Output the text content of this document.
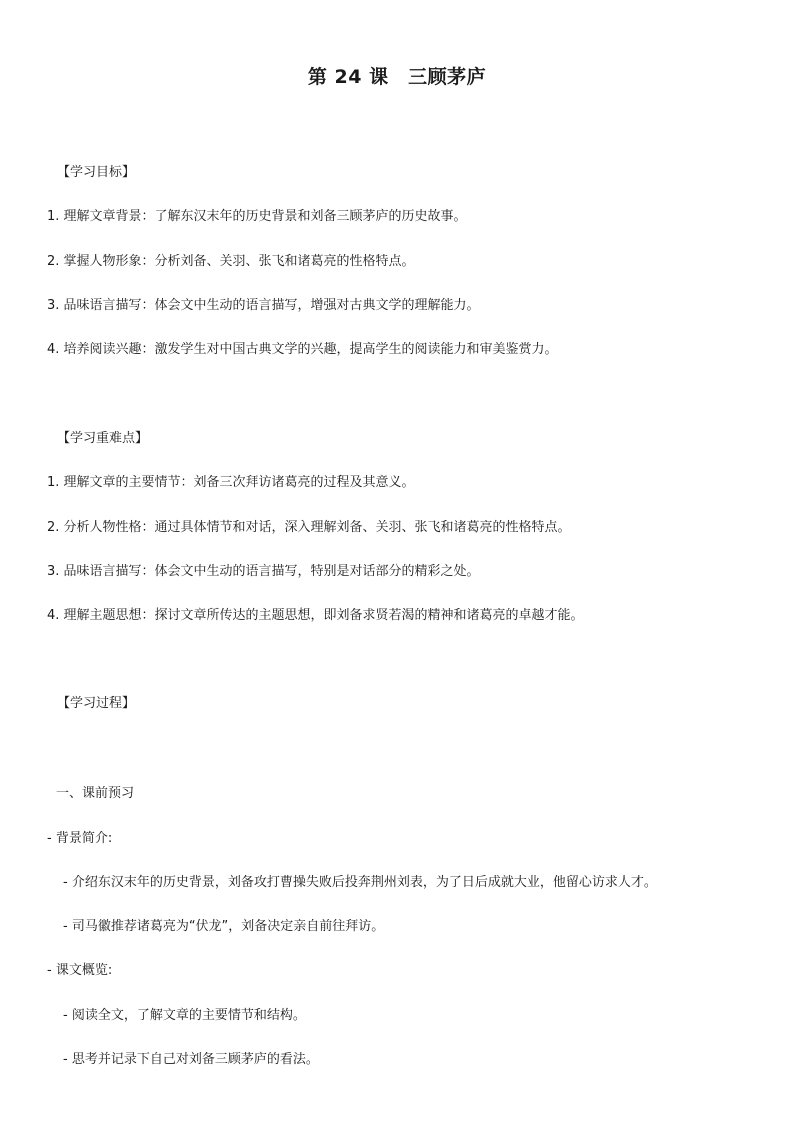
第 24 课　三顾茅庐
【学习目标】
1. 理解文章背景：了解东汉末年的历史背景和刘备三顾茅庐的历史故事。
2. 掌握人物形象：分析刘备、关羽、张飞和诸葛亮的性格特点。
3. 品味语言描写：体会文中生动的语言描写，增强对古典文学的理解能力。
4. 培养阅读兴趣：激发学生对中国古典文学的兴趣，提高学生的阅读能力和审美鉴赏力。
【学习重难点】
1. 理解文章的主要情节：刘备三次拜访诸葛亮的过程及其意义。
2. 分析人物性格：通过具体情节和对话，深入理解刘备、关羽、张飞和诸葛亮的性格特点。
3. 品味语言描写：体会文中生动的语言描写，特别是对话部分的精彩之处。
4. 理解主题思想：探讨文章所传达的主题思想，即刘备求贤若渴的精神和诸葛亮的卓越才能。
【学习过程】
一、课前预习
- 背景简介:
- 介绍东汉末年的历史背景，刘备攻打曹操失败后投奔荆州刘表，为了日后成就大业，他留心访求人才。
- 司马徽推荐诸葛亮为“伏龙”，刘备决定亲自前往拜访。
- 课文概览:
- 阅读全文，了解文章的主要情节和结构。
- 思考并记录下自己对刘备三顾茅庐的看法。
